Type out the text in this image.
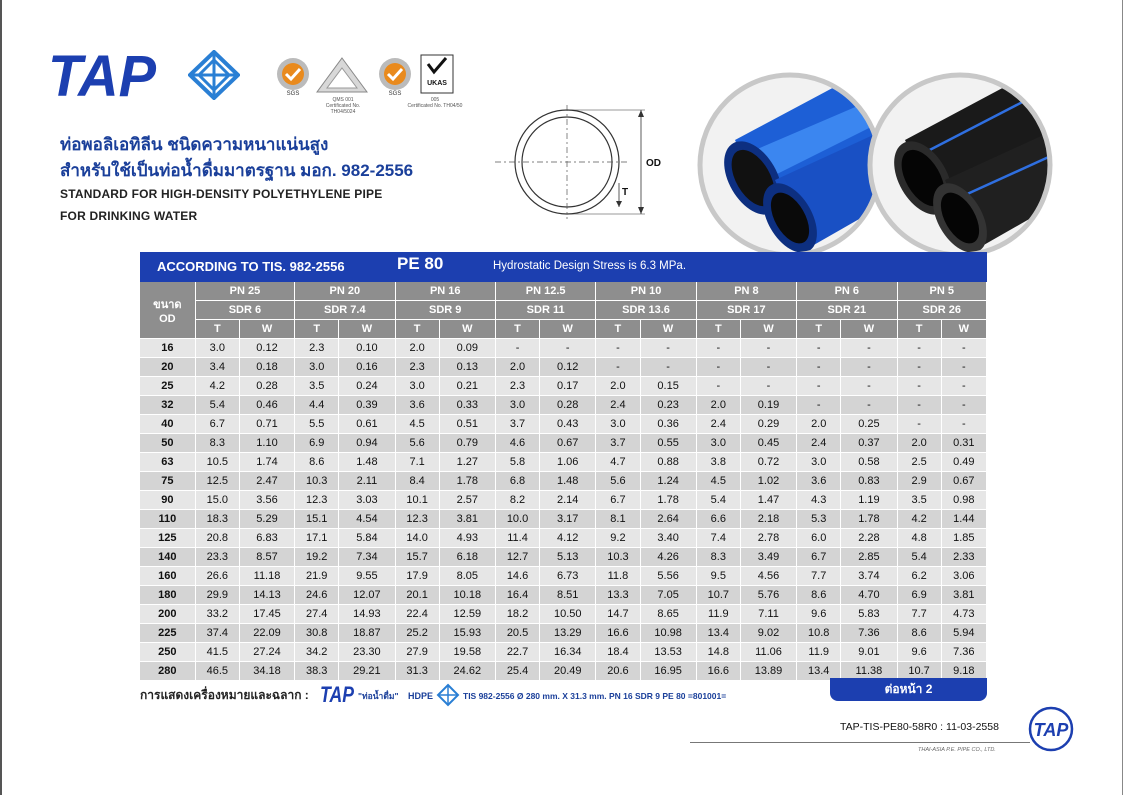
TAP	SGS
QMS 001
Certificated No. TH04/5024
SGS
UKAS
005
Certificated No. TH04/50
ท่อพอลิเอทิลีน ชนิดความหนาแน่นสูง
สำหรับใช้เป็นท่อน้ำดื่มมาตรฐาน มอก. 982-2556
STANDARD FOR HIGH-DENSITY POLYETHYLENE PIPE
FOR DRINKING WATER
OD
T
ACCORDING TO TIS. 982-2556	PE 80	Hydrostatic Design Stress is 6.3 MPa.
ขนาด
OD	PN 25		PN 20		PN 16		PN 12.5		PN 10		PN 8		PN 6		PN 5	
	SDR 6		SDR 7.4		SDR 9		SDR 11		SDR 13.6		SDR 17		SDR 21		SDR 26	
	T	W	T	W	T	W	T	W	T	W	T	W	T	W	T	W
16	3.0	0.12	2.3	0.10	2.0	0.09	-	-	-	-	-	-	-	-	-	-
20	3.4	0.18	3.0	0.16	2.3	0.13	2.0	0.12	-	-	-	-	-	-	-	-
25	4.2	0.28	3.5	0.24	3.0	0.21	2.3	0.17	2.0	0.15	-	-	-	-	-	-
32	5.4	0.46	4.4	0.39	3.6	0.33	3.0	0.28	2.4	0.23	2.0	0.19	-	-	-	-
40	6.7	0.71	5.5	0.61	4.5	0.51	3.7	0.43	3.0	0.36	2.4	0.29	2.0	0.25	-	-
50	8.3	1.10	6.9	0.94	5.6	0.79	4.6	0.67	3.7	0.55	3.0	0.45	2.4	0.37	2.0	0.31
63	10.5	1.74	8.6	1.48	7.1	1.27	5.8	1.06	4.7	0.88	3.8	0.72	3.0	0.58	2.5	0.49
75	12.5	2.47	10.3	2.11	8.4	1.78	6.8	1.48	5.6	1.24	4.5	1.02	3.6	0.83	2.9	0.67
90	15.0	3.56	12.3	3.03	10.1	2.57	8.2	2.14	6.7	1.78	5.4	1.47	4.3	1.19	3.5	0.98
110	18.3	5.29	15.1	4.54	12.3	3.81	10.0	3.17	8.1	2.64	6.6	2.18	5.3	1.78	4.2	1.44
125	20.8	6.83	17.1	5.84	14.0	4.93	11.4	4.12	9.2	3.40	7.4	2.78	6.0	2.28	4.8	1.85
140	23.3	8.57	19.2	7.34	15.7	6.18	12.7	5.13	10.3	4.26	8.3	3.49	6.7	2.85	5.4	2.33
160	26.6	11.18	21.9	9.55	17.9	8.05	14.6	6.73	11.8	5.56	9.5	4.56	7.7	3.74	6.2	3.06
180	29.9	14.13	24.6	12.07	20.1	10.18	16.4	8.51	13.3	7.05	10.7	5.76	8.6	4.70	6.9	3.81
200	33.2	17.45	27.4	14.93	22.4	12.59	18.2	10.50	14.7	8.65	11.9	7.11	9.6	5.83	7.7	4.73
225	37.4	22.09	30.8	18.87	25.2	15.93	20.5	13.29	16.6	10.98	13.4	9.02	10.8	7.36	8.6	5.94
250	41.5	27.24	34.2	23.30	27.9	19.58	22.7	16.34	18.4	13.53	14.8	11.06	11.9	9.01	9.6	7.36
280	46.5	34.18	38.3	29.21	31.3	24.62	25.4	20.49	20.6	16.95	16.6	13.89	13.4	11.38	10.7	9.18
การแสดงเครื่องหมายและฉลาก : TAP "ท่อน้ำดื่ม" HDPE	TIS 982-2556 Ø 280 mm. X 31.3 mm. PN 16 SDR 9 PE 80 =801001=	ต่อหน้า 2
TAP-TIS-PE80-58R0 : 11-03-2558 TAP
THAI-ASIA P.E. PIPE CO., LTD.
